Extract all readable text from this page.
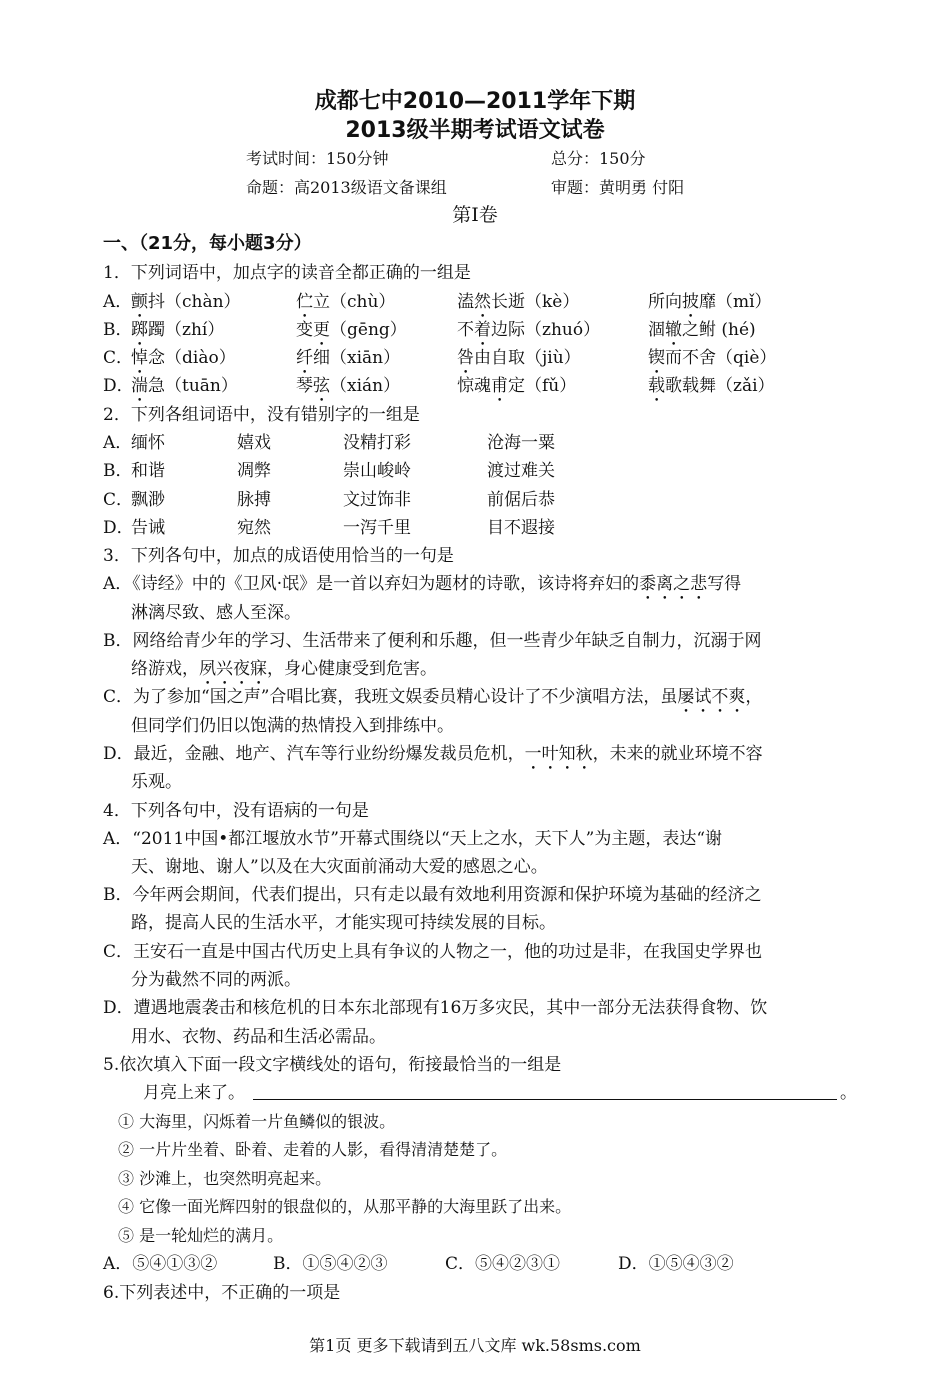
成都七中2010—2011学年下期
2013级半期考试语文试卷
考试时间：150分钟	总分：150分
命题：高2013级语文备课组	审题：黄明勇 付阳
第Ⅰ卷
一、（21分，每小题3分）
1．下列词语中，加点字的读音全都正确的一组是
A．
颤抖（chàn）	伫立（chù）	溘然长逝（kè）	所向披靡（mǐ）
B．
踯躅（zhí）	变更（gēng）	不着边际（zhuó）	涸辙之鲋 (hé)
C．
悼念（diào）	纤细（xiān）	咎由自取（jiù）	锲而不舍（qiè）
D．
湍急（tuān）	琴弦（xián）	惊魂甫定（fǔ）	载歌载舞（zǎi）
2．下列各组词语中，没有错别字的一组是
A．
缅怀	嬉戏	没精打彩	沧海一粟
B．
和谐	凋弊	崇山峻岭	渡过难关
C．
飘渺	脉搏	文过饰非	前倨后恭
D．
告诫	宛然	一泻千里	目不遐接
3．下列各句中，加点的成语使用恰当的一句是
A．《诗经》中的《卫风·氓》是一首以弃妇为题材的诗歌，该诗将弃妇的黍离之悲写得
淋漓尽致、感人至深。
B．网络给青少年的学习、生活带来了便利和乐趣，但一些青少年缺乏自制力，沉溺于网
络游戏，夙兴夜寐，身心健康受到危害。
C．为了参加“国之声”合唱比赛，我班文娱委员精心设计了不少演唱方法，虽屡试不爽，
但同学们仍旧以饱满的热情投入到排练中。
D．最近，金融、地产、汽车等行业纷纷爆发裁员危机，一叶知秋，未来的就业环境不容
乐观。
4．下列各句中，没有语病的一句是
A．“2011中国•都江堰放水节”开幕式围绕以“天上之水，天下人”为主题，表达“谢
天、谢地、谢人”以及在大灾面前涌动大爱的感恩之心。
B．今年两会期间，代表们提出，只有走以最有效地利用资源和保护环境为基础的经济之
路，提高人民的生活水平，才能实现可持续发展的目标。
C．王安石一直是中国古代历史上具有争议的人物之一，他的功过是非，在我国史学界也
分为截然不同的两派。
D．遭遇地震袭击和核危机的日本东北部现有16万多灾民，其中一部分无法获得食物、饮
用水、衣物、药品和生活必需品。
5.依次填入下面一段文字横线处的语句，衔接最恰当的一组是
月亮上来了。	。
① 大海里，闪烁着一片鱼鳞似的银波。
② 一片片坐着、卧着、走着的人影，看得清清楚楚了。
③ 沙滩上，也突然明亮起来。
④ 它像一面光辉四射的银盘似的，从那平静的大海里跃了出来。
⑤ 是一轮灿烂的满月。
A．⑤④①③②	B．①⑤④②③	C．⑤④②③①	D．①⑤④③②
6.下列表述中，不正确的一项是
第1页 更多下载请到五八文库 wk.58sms.com
